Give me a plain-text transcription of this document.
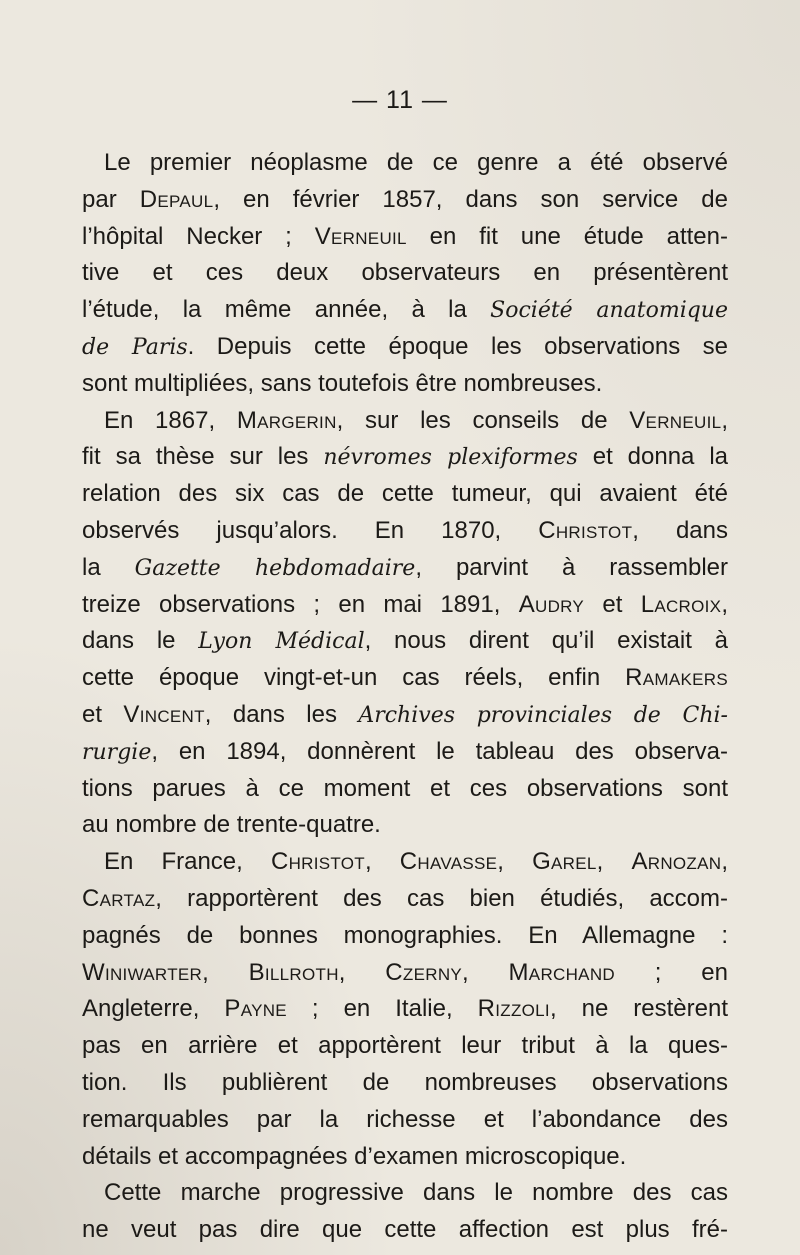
— 11 —
Le premier néoplasme de ce genre a été observé
par Depaul, en février 1857, dans son service de
l’hôpital Necker ; Verneuil en fit une étude atten-
tive et ces deux observateurs en présentèrent
l’étude, la même année, à la Société anatomique
de Paris. Depuis cette époque les observations se
sont multipliées, sans toutefois être nombreuses.
En 1867, Margerin, sur les conseils de Verneuil,
fit sa thèse sur les névromes plexiformes et donna la
relation des six cas de cette tumeur, qui avaient été
observés jusqu’alors. En 1870, Christot, dans
la Gazette hebdomadaire, parvint à rassembler
treize observations ; en mai 1891, Audry et Lacroix,
dans le Lyon Médical, nous dirent qu’il existait à
cette époque vingt-et-un cas réels, enfin Ramakers
et Vincent, dans les Archives provinciales de Chi-
rurgie, en 1894, donnèrent le tableau des observa-
tions parues à ce moment et ces observations sont
au nombre de trente-quatre.
En France, Christot, Chavasse, Garel, Arnozan,
Cartaz, rapportèrent des cas bien étudiés, accom-
pagnés de bonnes monographies. En Allemagne :
Winiwarter, Billroth, Czerny, Marchand ; en
Angleterre, Payne ; en Italie, Rizzoli, ne restèrent
pas en arrière et apportèrent leur tribut à la ques-
tion. Ils publièrent de nombreuses observations
remarquables par la richesse et l’abondance des
détails et accompagnées d’examen microscopique.
Cette marche progressive dans le nombre des cas
ne veut pas dire que cette affection est plus fré-
